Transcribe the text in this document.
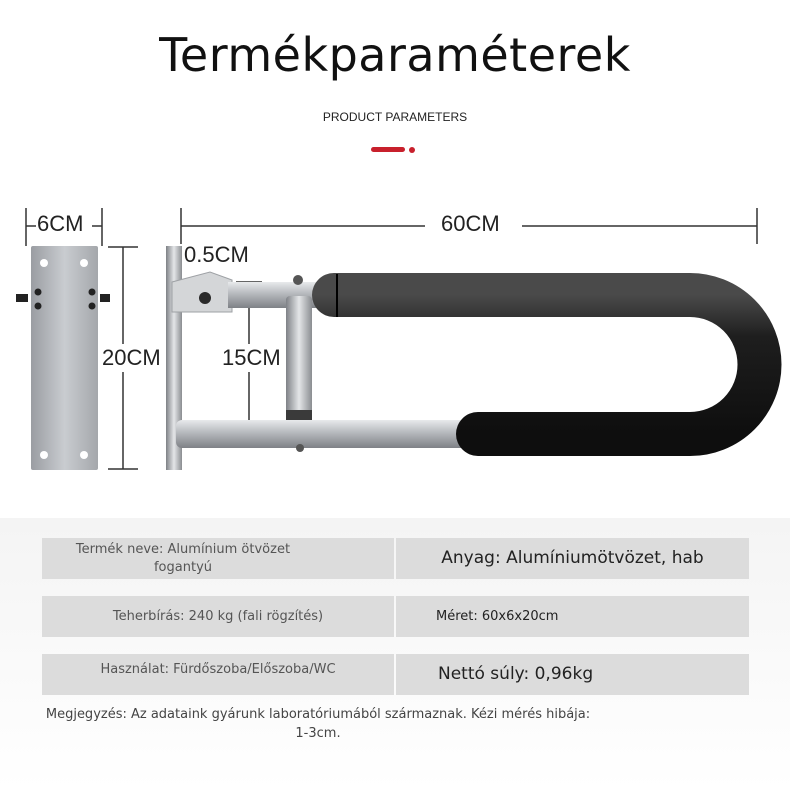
Termékparaméterek
PRODUCT PARAMETERS
6CM	60CM
0.5CM
20CM	15CM
Termék neve: Alumínium ötvözet fogantyú	Anyag: Alumíniumötvözet, hab
Teherbírás: 240 kg (fali rögzítés)	Méret: 60x6x20cm
Használat: Fürdőszoba/Előszoba/WC	Nettó súly: 0,96kg
Megjegyzés: Az adataink gyárunk laboratóriumából származnak. Kézi mérés hibája: 1-3cm.
